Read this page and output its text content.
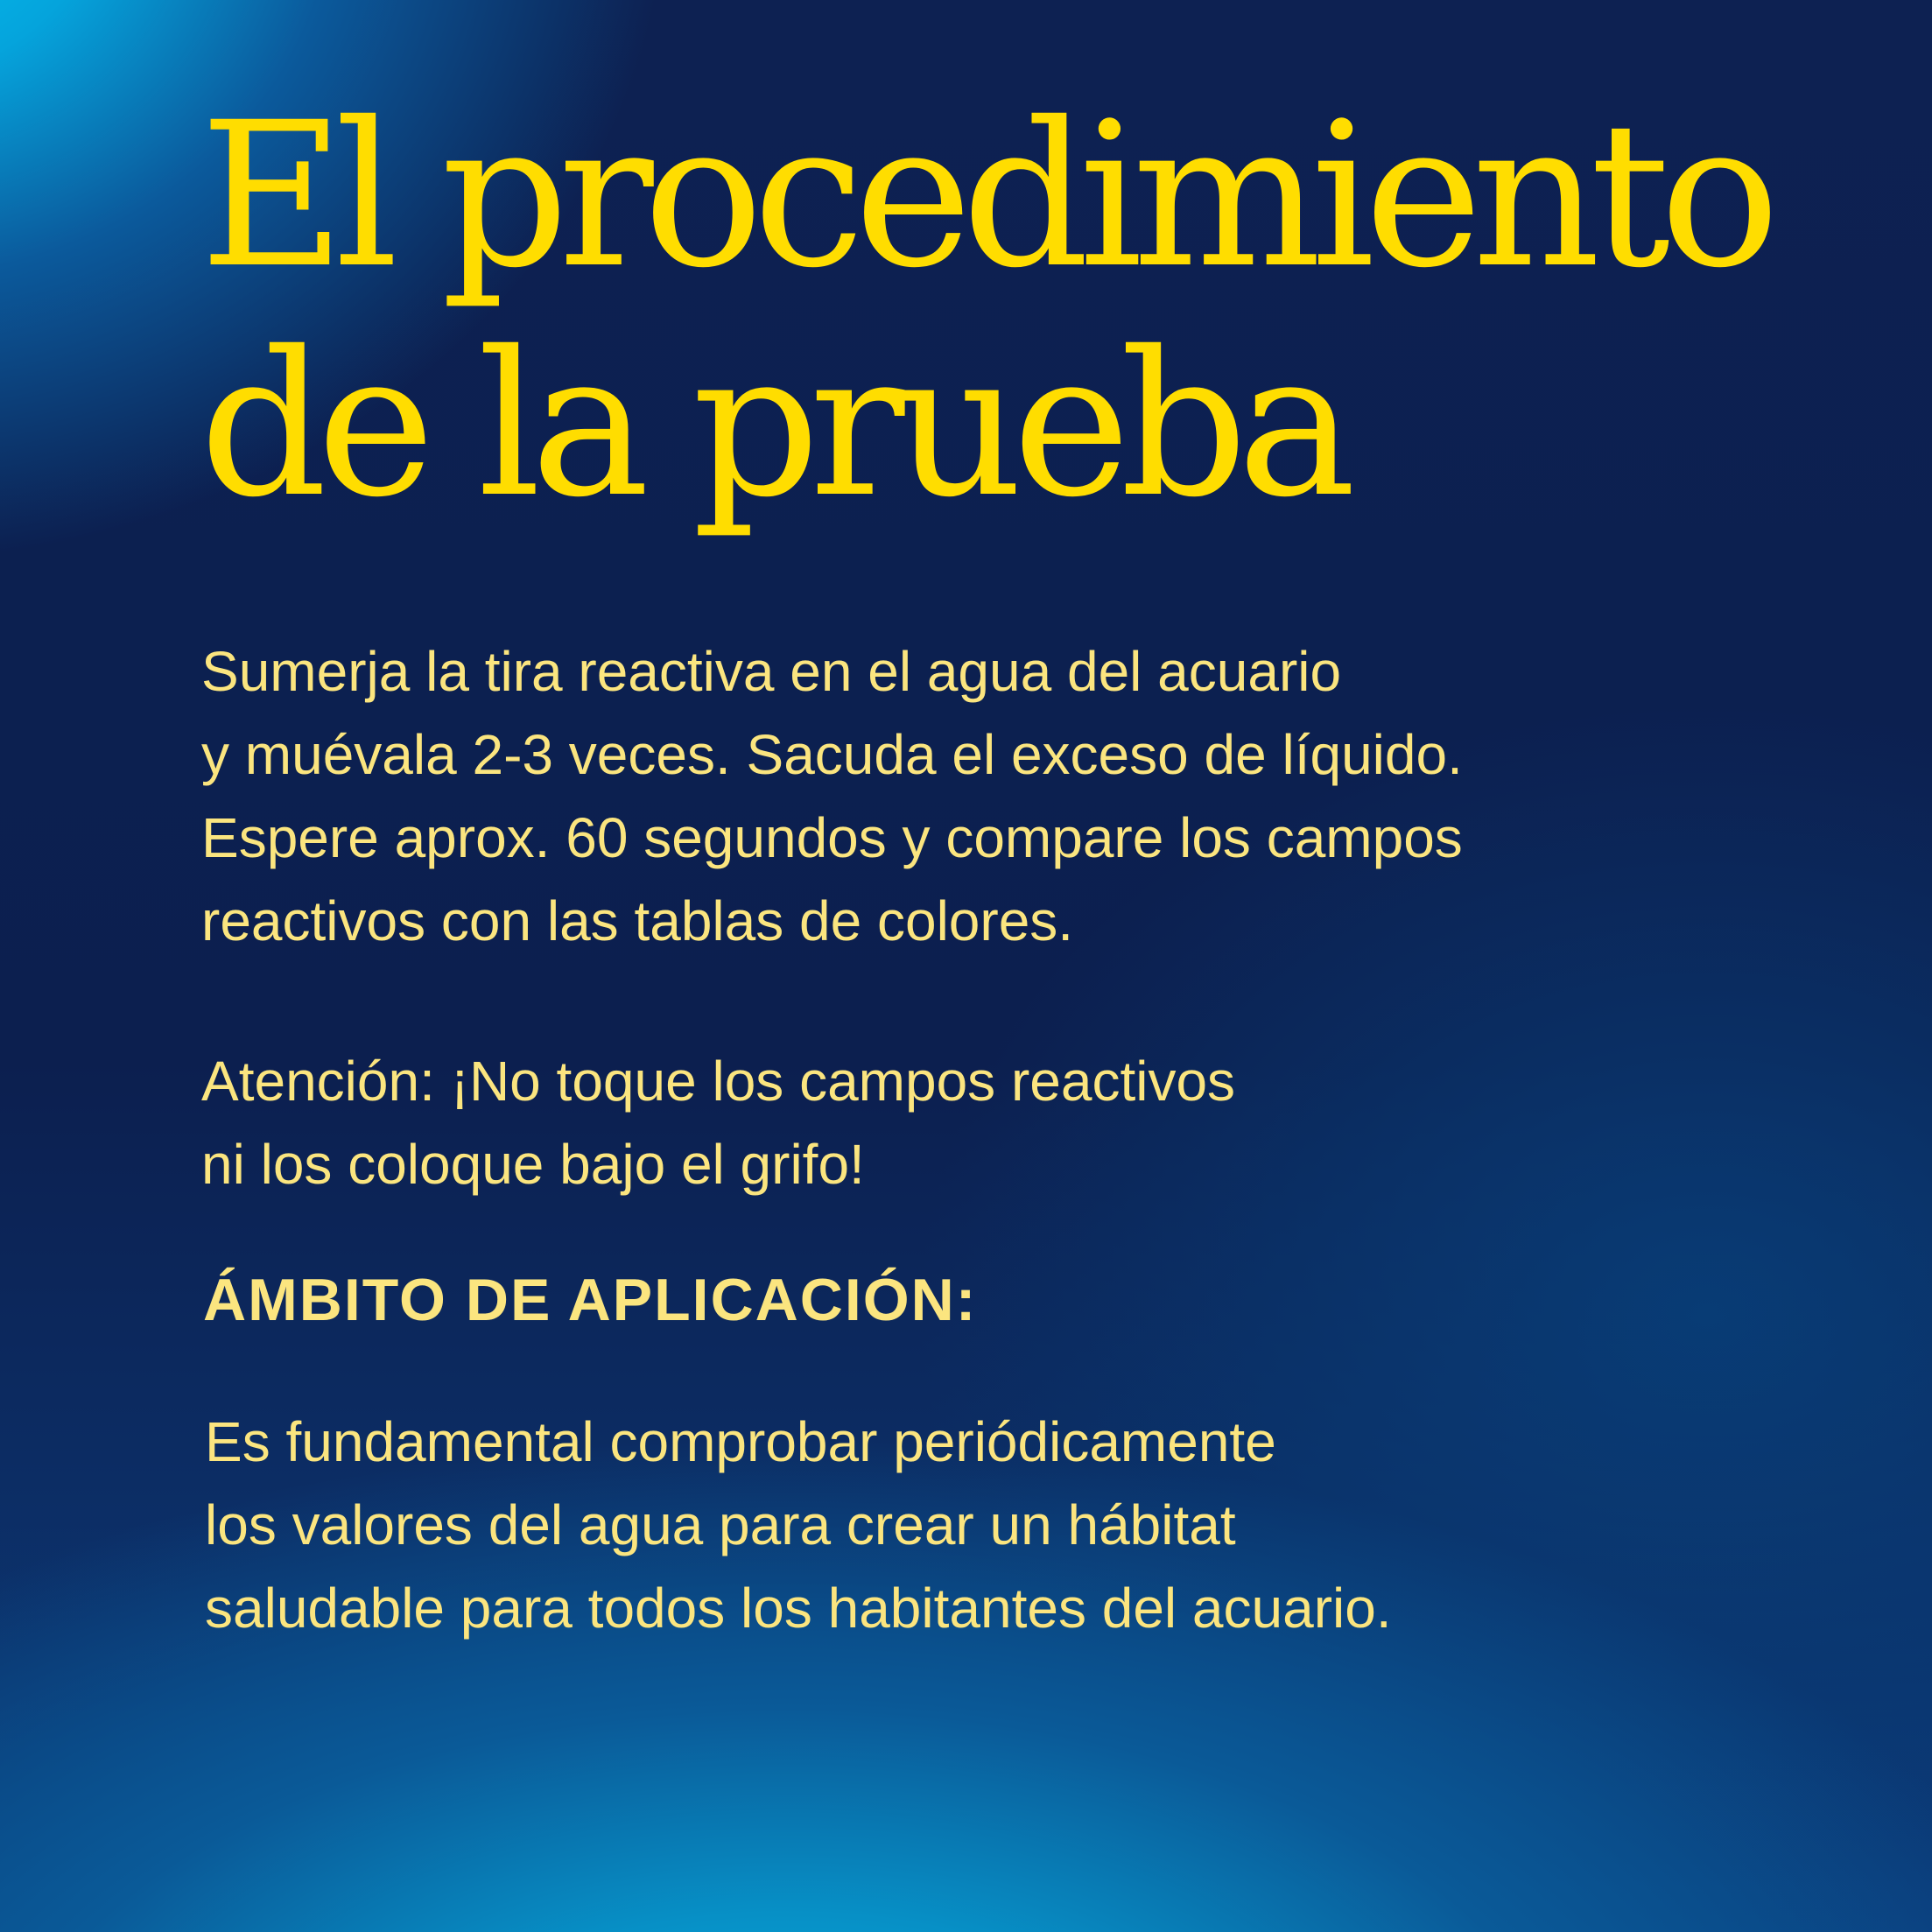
El procedimiento
de la prueba

Sumerja la tira reactiva en el agua del acuario
y muévala 2-3 veces. Sacuda el exceso de líquido.
Espere aprox. 60 segundos y compare los campos
reactivos con las tablas de colores.

Atención: ¡No toque los campos reactivos
ni los coloque bajo el grifo!

ÁMBITO DE APLICACIÓN:

Es fundamental comprobar periódicamente
los valores del agua para crear un hábitat
saludable para todos los habitantes del acuario.
